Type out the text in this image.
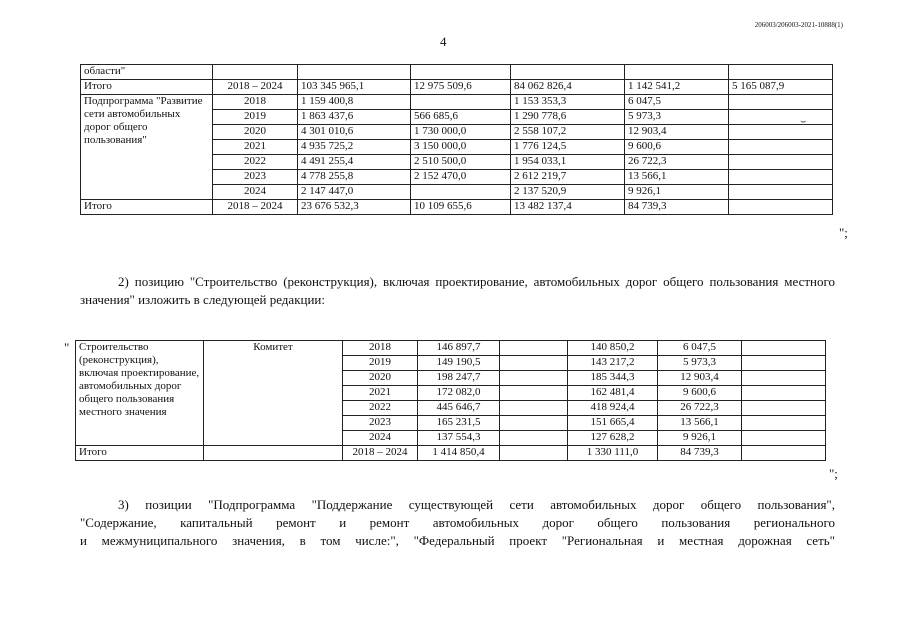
206003/206003-2021-10888(1)
4
области"						
Итого	2018 – 2024	103 345 965,1	12 975 509,6	84 062 826,4	1 142 541,2	5 165 087,9
Подпрограмма "Развитие сети автомобильных дорог общего пользования"	2018	1 159 400,8		1 153 353,3	6 047,5	
	2019	1 863 437,6	566 685,6	1 290 778,6	5 973,3	
	2020	4 301 010,6	1 730 000,0	2 558 107,2	12 903,4	
	2021	4 935 725,2	3 150 000,0	1 776 124,5	9 600,6	
	2022	4 491 255,4	2 510 500,0	1 954 033,1	26 722,3	
	2023	4 778 255,8	2 152 470,0	2 612 219,7	13 566,1	
	2024	2 147 447,0		2 137 520,9	9 926,1	
Итого	2018 – 2024	23 676 532,3	10 109 655,6	13 482 137,4	84 739,3	
";
⌣
2) позицию "Строительство (реконструкция), включая проектирование, автомобильных дорог общего пользования местного значения" изложить в следующей редакции:
" Строительство (реконструкция), включая проектирование, автомобильных дорог общего пользования местного значения	Комитет	2018	146 897,7		140 850,2	6 047,5	
		2019	149 190,5		143 217,2	5 973,3	
		2020	198 247,7		185 344,3	12 903,4	
		2021	172 082,0		162 481,4	9 600,6	
		2022	445 646,7		418 924,4	26 722,3	
		2023	165 231,5		151 665,4	13 566,1	
		2024	137 554,3		127 628,2	9 926,1	
Итого		2018 – 2024	1 414 850,4		1 330 111,0	84 739,3	
";
3) позиции "Подпрограмма "Поддержание существующей сети автомобильных дорог общего пользования",
"Содержание, капитальный ремонт и ремонт автомобильных дорог общего пользования регионального
и межмуниципального значения, в том числе:", "Федеральный проект "Региональная и местная дорожная сеть"
